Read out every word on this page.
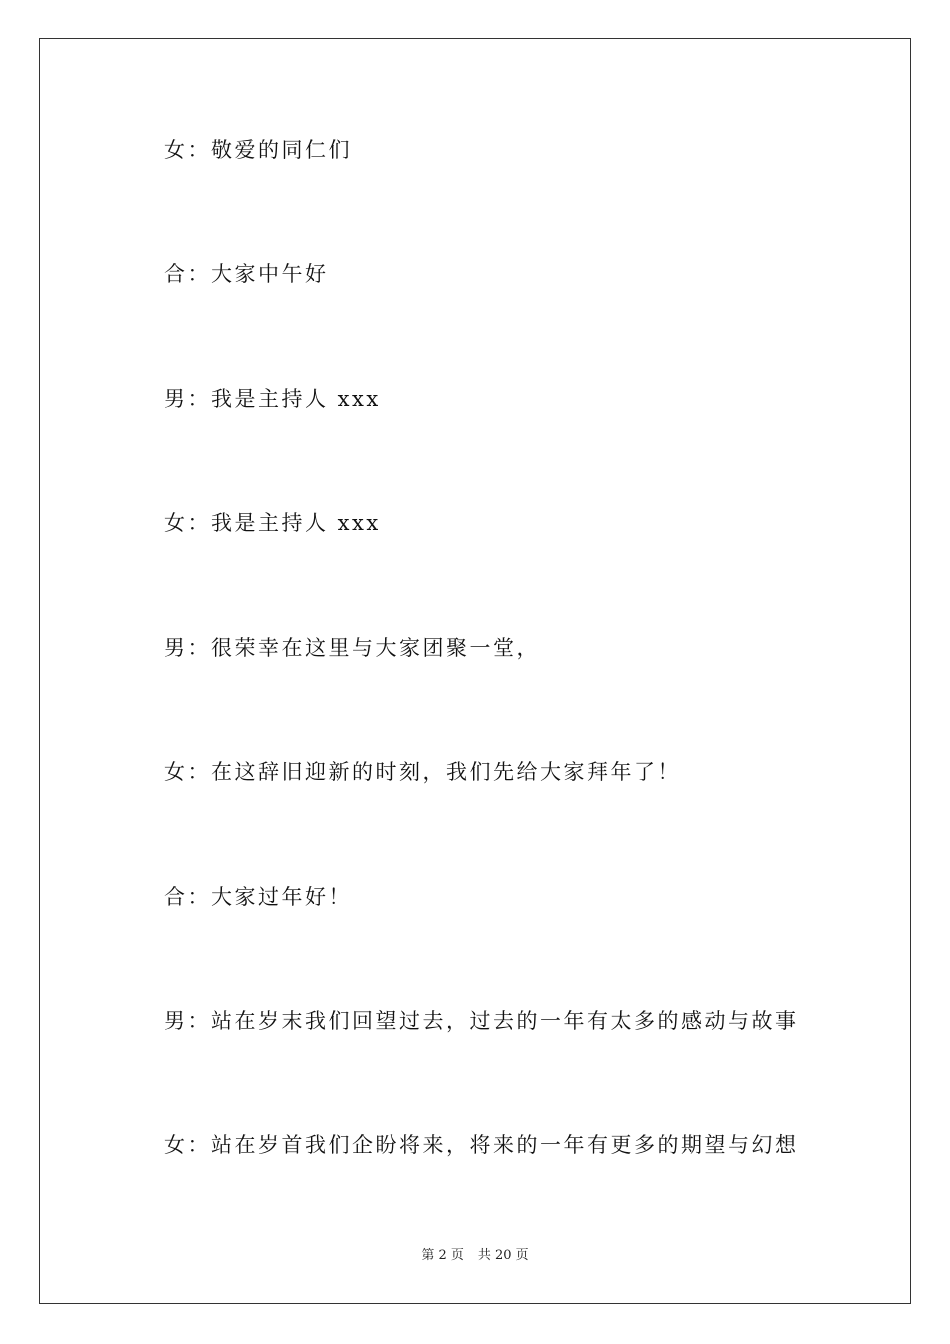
女：敬爱的同仁们
合：大家中午好
男：我是主持人 xxx
女：我是主持人 xxx
男：很荣幸在这里与大家团聚一堂，
女：在这辞旧迎新的时刻，我们先给大家拜年了！
合：大家过年好！
男：站在岁末我们回望过去，过去的一年有太多的感动与故事
女：站在岁首我们企盼将来，将来的一年有更多的期望与幻想
第 2 页 共 20 页
